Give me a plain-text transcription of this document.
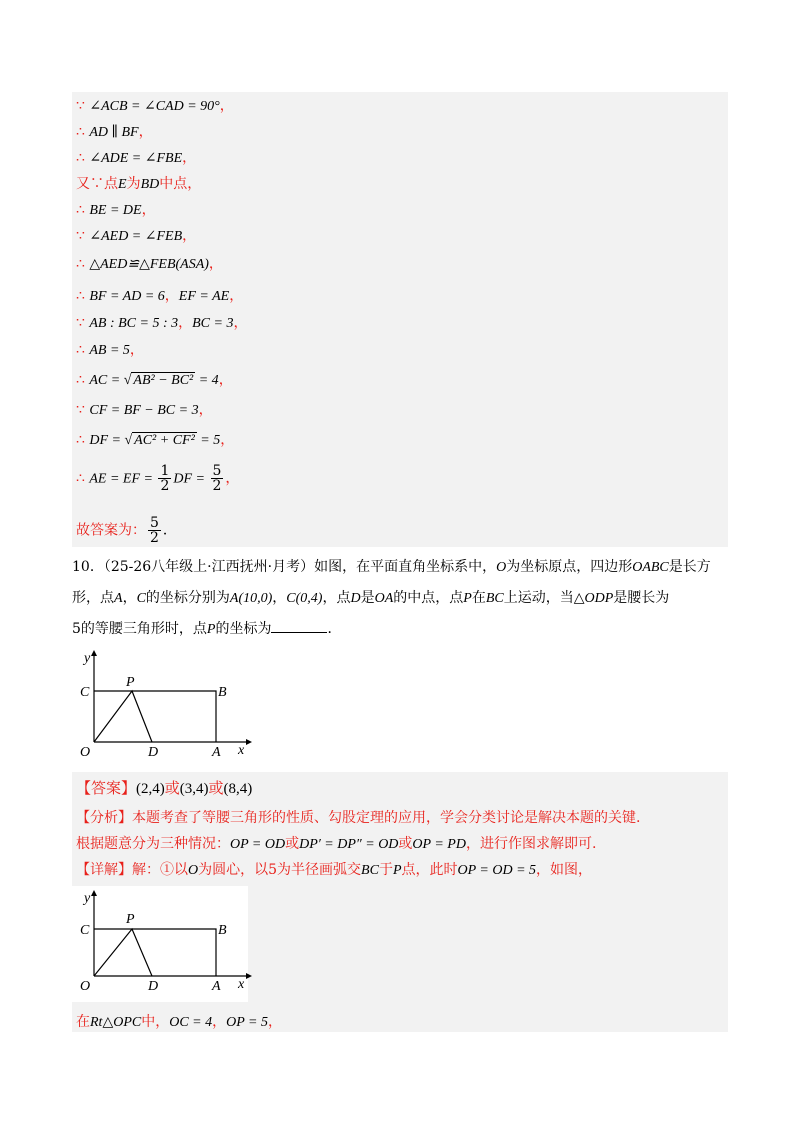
∵ ∠ACB = ∠CAD = 90°，
∴ AD ∥ BF，
∴ ∠ADE = ∠FBE，
又∵点E为BD中点，
∴ BE = DE，
∵ ∠AED = ∠FEB，
∴ △AED≌△FEB(ASA)，
∴ BF = AD = 6，EF = AE，
∵ AB : BC = 5 : 3，BC = 3，
∴ AB = 5，
∴ AC = √ AB² − BC² = 4，
∵ CF = BF − BC = 3，
∴ DF = √ AC² + CF² = 5，
∴ AE = EF = $\frac{1}{2}$ DF = $\frac{5}{2}$ ，
故答案为： $\frac{5}{2}$ ．
10．（25-26八年级上·江西抚州·月考）如图，在平面直角坐标系中，O为坐标原点，四边形OABC是长方
形，点A，C的坐标分别为A(10,0)，C(0,4)，点D是OA的中点，点P在BC上运动，当△ODP是腰长为
5的等腰三角形时，点P的坐标为	．
y
x
C
P
B
O	D	A
【答案】(2,4)或(3,4)或(8,4)
【分析】本题考查了等腰三角形的性质、勾股定理的应用，学会分类讨论是解决本题的关键.
根据题意分为三种情况：OP = OD或DP′ = DP″ = OD或OP = PD，进行作图求解即可.
【详解】解：①以O为圆心，以5为半径画弧交BC于P点，此时OP = OD = 5，如图，
y
x
C
P
B
O	D	A
在Rt△OPC中，OC = 4，OP = 5，
